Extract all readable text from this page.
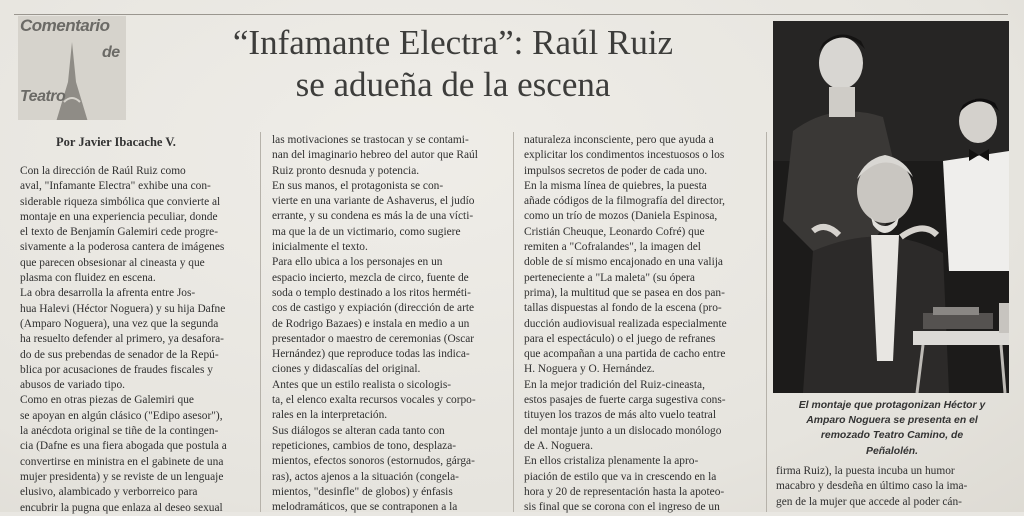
Comentario
de
Teatro
“Infamante Electra”: Raúl Ruiz
se adueña de la escena
Por Javier Ibacache V.
Con la dirección de Raúl Ruiz como
aval, "Infamante Electra" exhibe una con-
siderable riqueza simbólica que convierte al
montaje en una experiencia peculiar, donde
el texto de Benjamín Galemiri cede progre-
sivamente a la poderosa cantera de imágenes
que parecen obsesionar al cineasta y que
plasma con fluidez en escena.
La obra desarrolla la afrenta entre Jos-
hua Halevi (Héctor Noguera) y su hija Dafne
(Amparo Noguera), una vez que la segunda
ha resuelto defender al primero, ya desafora-
do de sus prebendas de senador de la Repú-
blica por acusaciones de fraudes fiscales y
abusos de variado tipo.
Como en otras piezas de Galemiri que
se apoyan en algún clásico ("Edipo asesor"),
la anécdota original se tiñe de la contingen-
cia (Dafne es una fiera abogada que postula a
convertirse en ministra en el gabinete de una
mujer presidenta) y se reviste de un lenguaje
elusivo, alambicado y verborreico para
encubrir la pugna que enlaza al deseo sexual
las motivaciones se trastocan y se contami-
nan del imaginario hebreo del autor que Raúl
Ruiz pronto desnuda y potencia.
En sus manos, el protagonista se con-
vierte en una variante de Ashaverus, el judío
errante, y su condena es más la de una vícti-
ma que la de un victimario, como sugiere
inicialmente el texto.
Para ello ubica a los personajes en un
espacio incierto, mezcla de circo, fuente de
soda o templo destinado a los ritos herméti-
cos de castigo y expiación (dirección de arte
de Rodrigo Bazaes) e instala en medio a un
presentador o maestro de ceremonias (Oscar
Hernández) que reproduce todas las indica-
ciones y didascalías del original.
Antes que un estilo realista o sicologis-
ta, el elenco exalta recursos vocales y corpo-
rales en la interpretación.
Sus diálogos se alteran cada tanto con
repeticiones, cambios de tono, desplaza-
mientos, efectos sonoros (estornudos, gárga-
ras), actos ajenos a la situación (congela-
mientos, "desinfle" de globos) y énfasis
melodramáticos, que se contraponen a la
naturaleza inconsciente, pero que ayuda a
explicitar los condimentos incestuosos o los
impulsos secretos de poder de cada uno.
En la misma línea de quiebres, la puesta
añade códigos de la filmografía del director,
como un trío de mozos (Daniela Espinosa,
Cristián Cheuque, Leonardo Cofré) que
remiten a "Cofralandes", la imagen del
doble de sí mismo encajonado en una valija
perteneciente a "La maleta" (su ópera
prima), la multitud que se pasea en dos pan-
tallas dispuestas al fondo de la escena (pro-
ducción audiovisual realizada especialmente
para el espectáculo) o el juego de refranes
que acompañan a una partida de cacho entre
H. Noguera y O. Hernández.
En la mejor tradición del Ruiz-cineasta,
estos pasajes de fuerte carga sugestiva cons-
tituyen los trazos de más alto vuelo teatral
del montaje junto a un dislocado monólogo
de A. Noguera.
En ellos cristaliza plenamente la apro-
piación de estilo que va in crescendo en la
hora y 20 de representación hasta la apoteo-
sis final que se corona con el ingreso de un
firma Ruiz), la puesta incuba un humor
macabro y desdeña en último caso la ima-
gen de la mujer que accede al poder cán-
El montaje que protagonizan Héctor y
Amparo Noguera se presenta en el
remozado Teatro Camino, de
Peñalolén.
